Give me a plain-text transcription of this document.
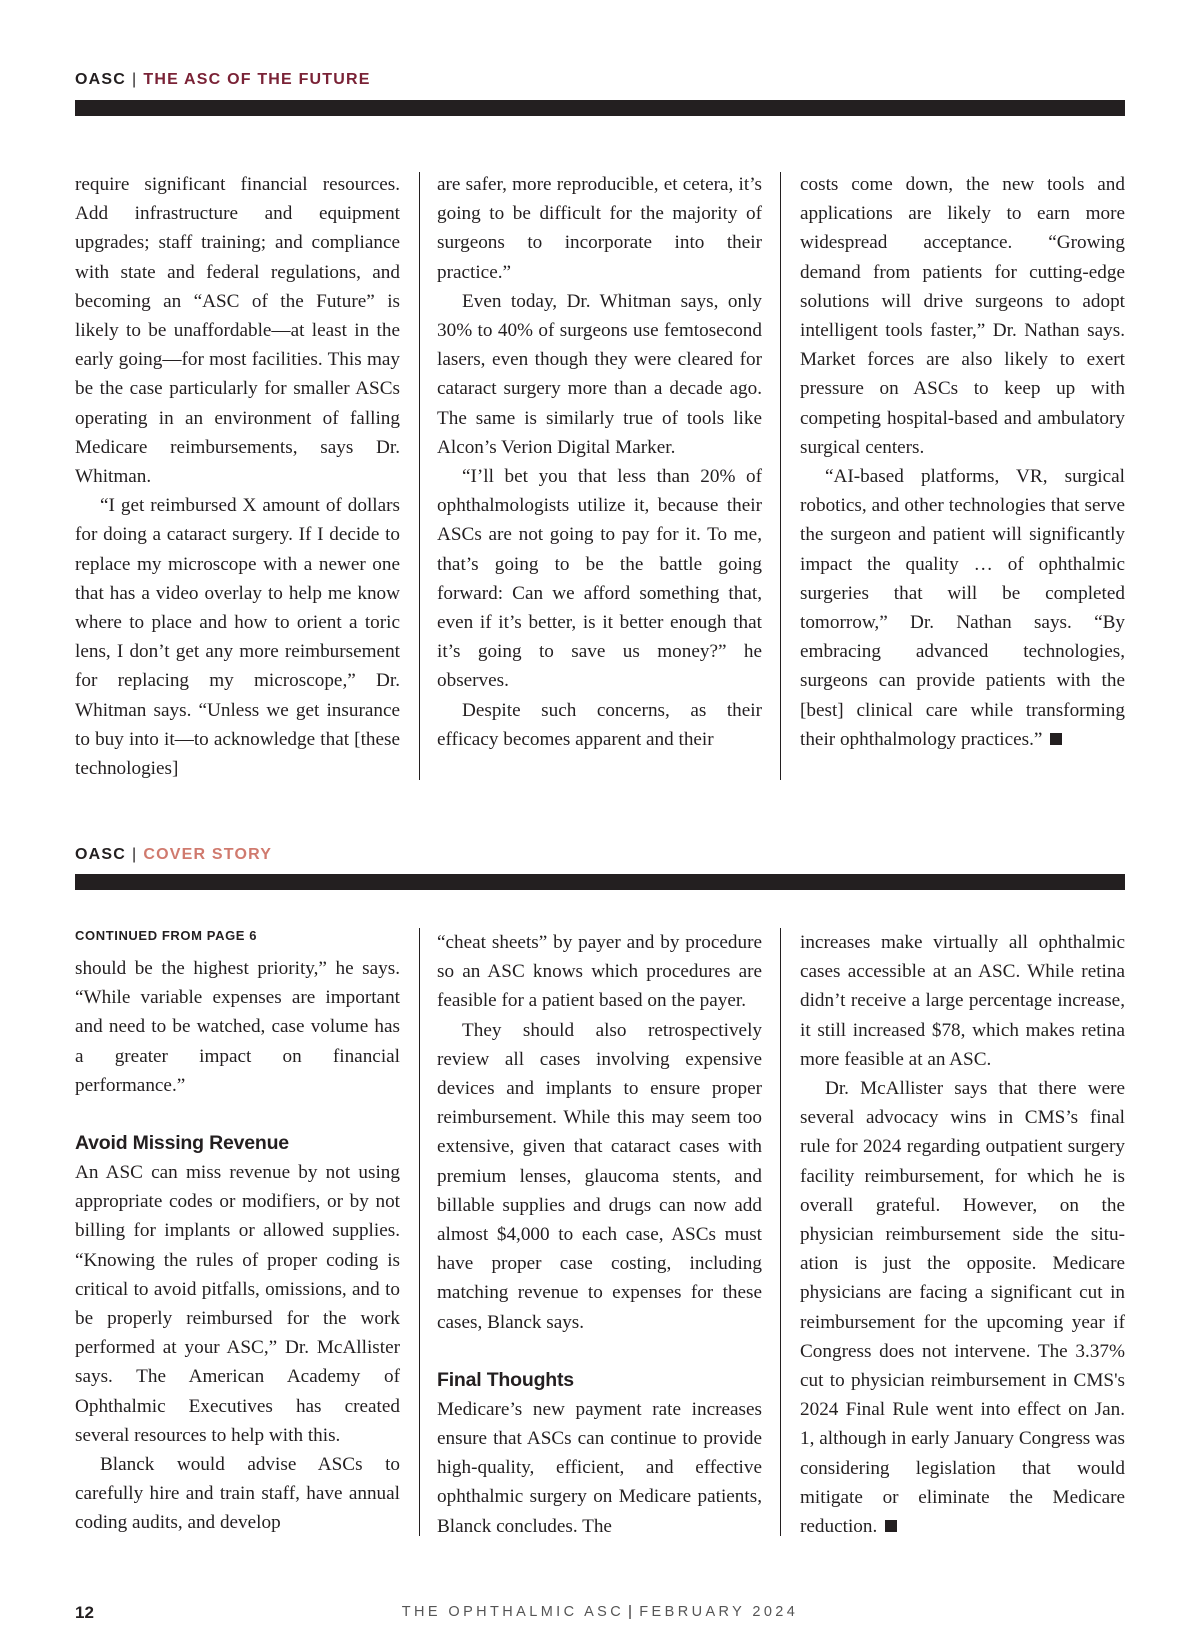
OASC | THE ASC OF THE FUTURE

require significant financial resources. Add infrastructure and equipment upgrades; staff training; and compliance with state and federal regulations, and becoming an “ASC of the Future” is likely to be unaffordable—at least in the early going—for most facilities. This may be the case particularly for smaller ASCs operating in an environment of falling Medicare reimbursements, says Dr. Whitman.

“I get reimbursed X amount of dollars for doing a cataract surgery. If I decide to replace my microscope with a newer one that has a video overlay to help me know where to place and how to orient a toric lens, I don’t get any more reimbursement for replacing my microscope,” Dr. Whitman says. “Unless we get insurance to buy into it—to acknowledge that [these technologies]

are safer, more reproducible, et cetera, it’s going to be difficult for the majority of surgeons to incorporate into their practice.”

Even today, Dr. Whitman says, only 30% to 40% of surgeons use femtosecond lasers, even though they were cleared for cataract surgery more than a decade ago. The same is similarly true of tools like Alcon’s Verion Digital Marker.

“I’ll bet you that less than 20% of ophthalmologists utilize it, because their ASCs are not going to pay for it. To me, that’s going to be the battle going forward: Can we afford something that, even if it’s better, is it better enough that it’s going to save us money?” he observes.

Despite such concerns, as their efficacy becomes apparent and their

costs come down, the new tools and applications are likely to earn more widespread acceptance. “Growing demand from patients for cutting-edge solutions will drive surgeons to adopt intelligent tools faster,” Dr. Nathan says. Market forces are also likely to exert pressure on ASCs to keep up with competing hospital-based and ambulatory surgical centers.

“AI-based platforms, VR, surgical robotics, and other technologies that serve the surgeon and patient will significantly impact the quality … of ophthalmic surgeries that will be completed tomorrow,” Dr. Nathan says. “By embracing advanced technologies, surgeons can provide patients with the [best] clinical care while transforming their ophthalmology practices.”

OASC | COVER STORY
CONTINUED FROM PAGE 6

should be the highest priority,” he says. “While variable expenses are important and need to be watched, case volume has a greater impact on financial performance.”

Avoid Missing Revenue

An ASC can miss revenue by not using appropriate codes or modifiers, or by not billing for implants or allowed supplies. “Knowing the rules of proper coding is critical to avoid pitfalls, omissions, and to be properly reimbursed for the work performed at your ASC,” Dr. McAllister says. The American Academy of Ophthalmic Executives has created several resources to help with this.

Blanck would advise ASCs to carefully hire and train staff, have annual coding audits, and develop

“cheat sheets” by payer and by procedure so an ASC knows which procedures are feasible for a patient based on the payer.

They should also retrospectively review all cases involving expensive devices and implants to ensure proper reimbursement. While this may seem too extensive, given that cataract cases with premium lenses, glaucoma stents, and billable supplies and drugs can now add almost $4,000 to each case, ASCs must have proper case costing, including matching revenue to expenses for these cases, Blanck says.

Final Thoughts

Medicare’s new payment rate increases ensure that ASCs can continue to provide high-quality, efficient, and effective ophthalmic surgery on Medicare patients, Blanck concludes. The

increases make virtually all ophthalmic cases accessible at an ASC. While retina didn’t receive a large percentage increase, it still increased $78, which makes retina more feasible at an ASC.

Dr. McAllister says that there were several advocacy wins in CMS’s final rule for 2024 regarding outpatient surgery facility reimbursement, for which he is overall grateful. However, on the physician reimbursement side the situation is just the opposite. Medicare physicians are facing a significant cut in reimbursement for the upcoming year if Congress does not intervene. The 3.37% cut to physician reimbursement in CMS's 2024 Final Rule went into effect on Jan. 1, although in early January Congress was considering legislation that would mitigate or eliminate the Medicare reduction.

12	THE OPHTHALMIC ASC | FEBRUARY 2024
